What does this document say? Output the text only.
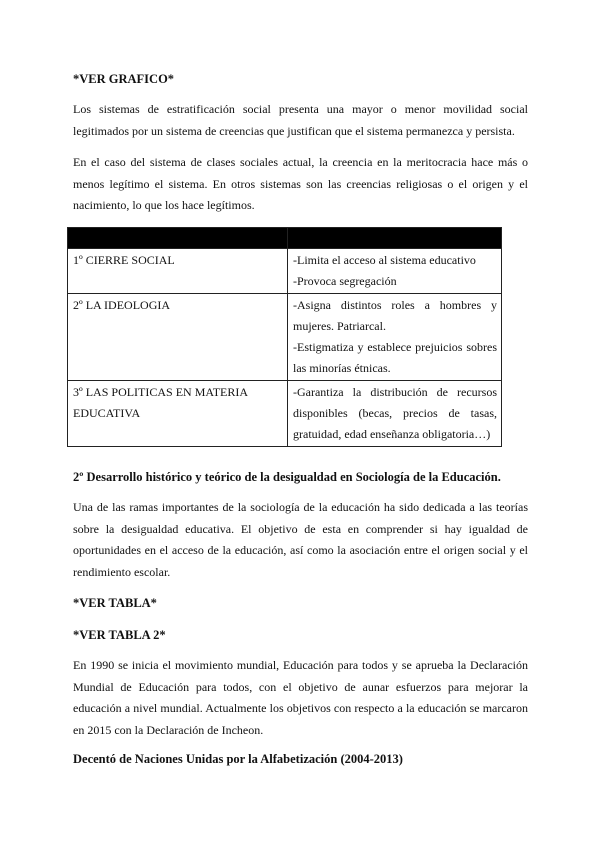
*VER GRAFICO*
Los sistemas de estratificación social presenta una mayor o menor movilidad social legitimados por un sistema de creencias que justifican que el sistema permanezca y persista.
En el caso del sistema de clases sociales actual, la creencia en la meritocracia hace más o menos legítimo el sistema. En otros sistemas son las creencias religiosas o el origen y el nacimiento, lo que los hace legítimos.

1º CIERRE SOCIAL	-Limita el acceso al sistema educativo
-Provoca segregación

2º LA IDEOLOGIA	-Asigna distintos roles a hombres y mujeres. Patriarcal.
-Estigmatiza y establece prejuicios sobres las minorías étnicas.

3º LAS POLITICAS EN MATERIA EDUCATIVA	-Garantiza la distribución de recursos disponibles (becas, precios de tasas, gratuidad, edad enseñanza obligatoria…)
2º Desarrollo histórico y teórico de la desigualdad en Sociología de la Educación.
Una de las ramas importantes de la sociología de la educación ha sido dedicada a las teorías sobre la desigualdad educativa. El objetivo de esta en comprender si hay igualdad de oportunidades en el acceso de la educación, así como la asociación entre el origen social y el rendimiento escolar.
*VER TABLA*
*VER TABLA 2*
En 1990 se inicia el movimiento mundial, Educación para todos y se aprueba la Declaración Mundial de Educación para todos, con el objetivo de aunar esfuerzos para mejorar la educación a nivel mundial. Actualmente los objetivos con respecto a la educación se marcaron en 2015 con la Declaración de Incheon.
Decentó de Naciones Unidas por la Alfabetización (2004-2013)
